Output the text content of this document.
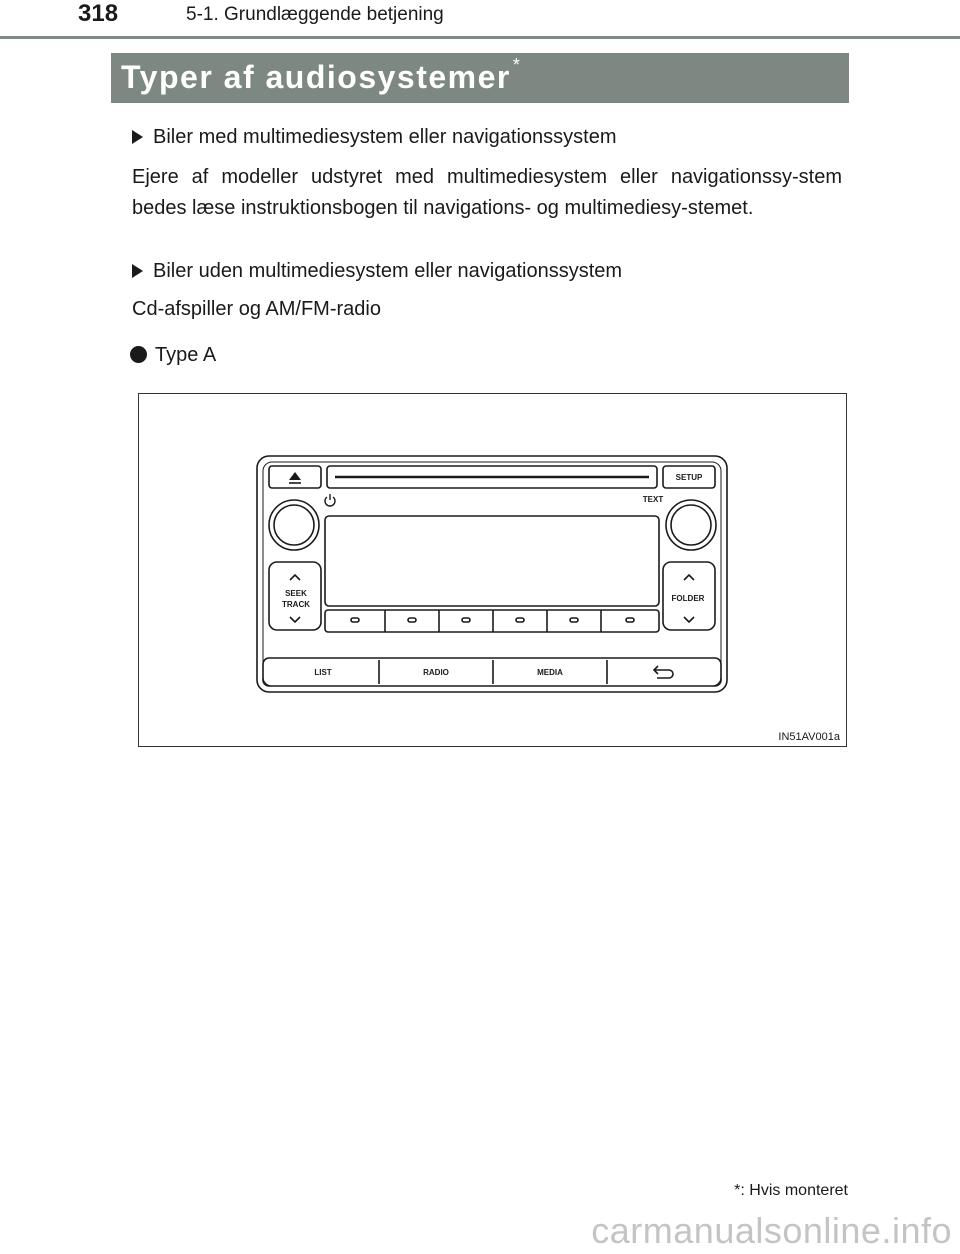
318	5-1. Grundlæggende betjening
Typer af audiosystemer *
Biler med multimediesystem eller navigationssystem
Ejere af modeller udstyret med multimediesystem eller navigationssy-stem bedes læse instruktionsbogen til navigations- og multimediesy-stemet.
Biler uden multimediesystem eller navigationssystem
Cd-afspiller og AM/FM-radio
Type A
SETUP
TEXT
SEEK
TRACK
FOLDER
LIST	RADIO	MEDIA
IN51AV001a
*: Hvis monteret
carmanualsonline.info
